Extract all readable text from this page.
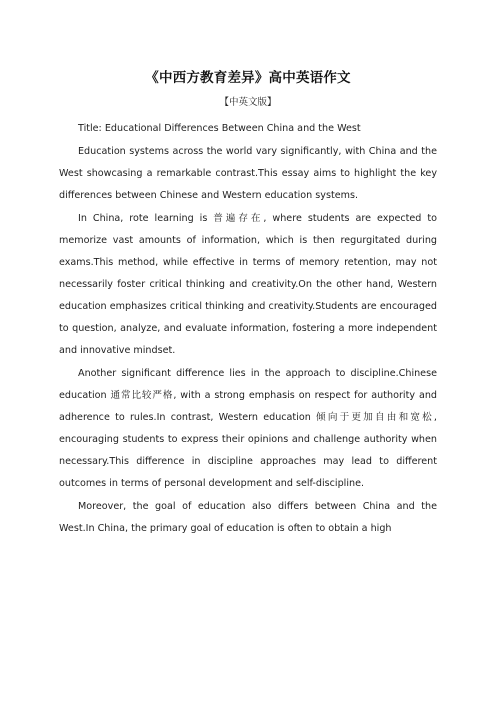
《中西方教育差异》高中英语作文
【中英文版】

Title: Educational Differences Between China and the West

Education systems across the world vary significantly, with China and the West showcasing a remarkable contrast.This essay aims to highlight the key differences between Chinese and Western education systems.

In China, rote learning is 普遍存在, where students are expected to memorize vast amounts of information, which is then regurgitated during exams.This method, while effective in terms of memory retention, may not necessarily foster critical thinking and creativity.On the other hand, Western education emphasizes critical thinking and creativity.Students are encouraged to question, analyze, and evaluate information, fostering a more independent and innovative mindset.

Another significant difference lies in the approach to discipline.Chinese education 通常比较严格, with a strong emphasis on respect for authority and adherence to rules.In contrast, Western education 倾向于更加自由和宽松, encouraging students to express their opinions and challenge authority when necessary.This difference in discipline approaches may lead to different outcomes in terms of personal development and self-discipline.

Moreover, the goal of education also differs between China and the West.In China, the primary goal of education is often to obtain a high
